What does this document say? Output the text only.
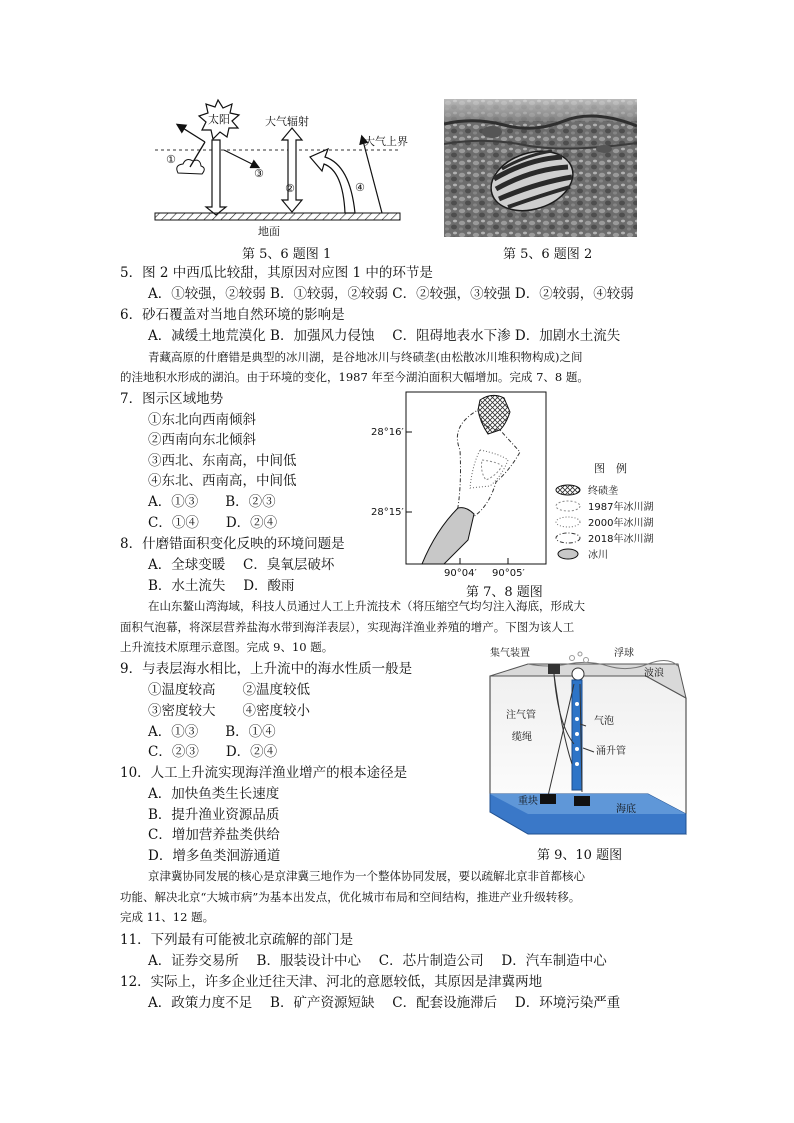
太阳	大气辐射
大气上界
①
②
③
④
地面
第 5、6 题图 1	第 5、6 题图 2
5．图 2 中西瓜比较甜，其原因对应图 1 中的环节是
A．①较强，②较弱 B．①较弱，②较弱 C．②较强，③较强 D．②较弱，④较弱
6．砂石覆盖对当地自然环境的影响是
A．减缓土地荒漠化 B．加强风力侵蚀　 C．阻碍地表水下渗 D．加剧水土流失
青藏高原的什磨错是典型的冰川湖，是谷地冰川与终碛垄(由松散冰川堆积物构成)之间
的洼地积水形成的湖泊。由于环境的变化，1987 年至今湖泊面积大幅增加。完成 7、8 题。
7．图示区域地势
①东北向西南倾斜
②西南向东北倾斜
③西北、东南高，中间低
④东北、西南高，中间低
A．①③　　B．②③
C．①④　　D．②④
28°16′
28°15′
90°04′ 90°05′
图　例
终碛垄
1987年冰川湖
2000年冰川湖
2018年冰川湖
冰川
第 7、8 题图
8．什磨错面积变化反映的环境问题是
A．全球变暖　 C．臭氧层破坏
B．水土流失　 D．酸雨
在山东鳌山湾海域，科技人员通过人工上升流技术（将压缩空气均匀注入海底，形成大
面积气泡幕，将深层营养盐海水带到海洋表层），实现海洋渔业养殖的增产。下图为该人工
上升流技术原理示意图。完成 9、10 题。
9．与表层海水相比，上升流中的海水性质一般是
①温度较高　　②温度较低
③密度较大　　④密度较小
A．①③　　B．①④
C．②③　　D．②④
10．人工上升流实现海洋渔业增产的根本途径是
A．加快鱼类生长速度
B．提升渔业资源品质
C．增加营养盐类供给
D．增多鱼类洄游通道
集气装置	浮球
波浪
注气管
气泡
缆绳
涌升管
重块
海底
第 9、10 题图
京津冀协同发展的核心是京津冀三地作为一个整体协同发展，要以疏解北京非首都核心
功能、解决北京“大城市病”为基本出发点，优化城市布局和空间结构，推进产业升级转移。
完成 11、12 题。
11．下列最有可能被北京疏解的部门是
A．证券交易所　 B．服装设计中心　 C．芯片制造公司　 D．汽车制造中心
12．实际上，许多企业迁往天津、河北的意愿较低，其原因是津冀两地
A．政策力度不足　 B．矿产资源短缺　 C．配套设施滞后　 D．环境污染严重
